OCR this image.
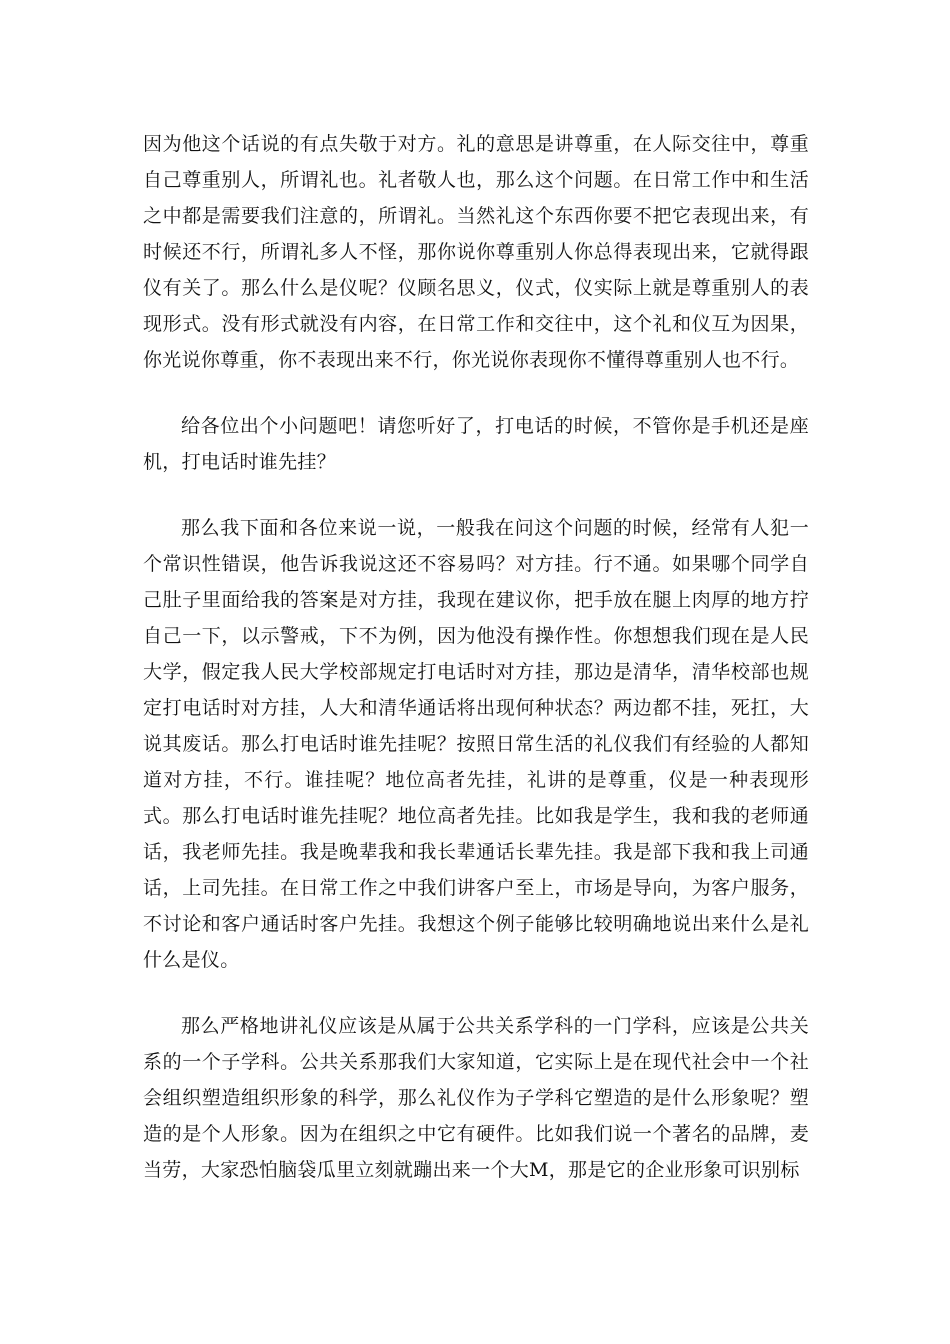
因为他这个话说的有点失敬于对方。礼的意思是讲尊重，在人际交往中，尊重自己尊重别人，所谓礼也。礼者敬人也，那么这个问题。在日常工作中和生活之中都是需要我们注意的，所谓礼。当然礼这个东西你要不把它表现出来，有时候还不行，所谓礼多人不怪，那你说你尊重别人你总得表现出来，它就得跟仪有关了。那么什么是仪呢？仪顾名思义，仪式，仪实际上就是尊重别人的表现形式。没有形式就没有内容，在日常工作和交往中，这个礼和仪互为因果，你光说你尊重，你不表现出来不行，你光说你表现你不懂得尊重别人也不行。

给各位出个小问题吧！请您听好了，打电话的时候，不管你是手机还是座机，打电话时谁先挂？

那么我下面和各位来说一说，一般我在问这个问题的时候，经常有人犯一个常识性错误，他告诉我说这还不容易吗？对方挂。行不通。如果哪个同学自己肚子里面给我的答案是对方挂，我现在建议你，把手放在腿上肉厚的地方拧自己一下，以示警戒，下不为例，因为他没有操作性。你想想我们现在是人民大学，假定我人民大学校部规定打电话时对方挂，那边是清华，清华校部也规定打电话时对方挂，人大和清华通话将出现何种状态？两边都不挂，死扛，大说其废话。那么打电话时谁先挂呢？按照日常生活的礼仪我们有经验的人都知道对方挂，不行。谁挂呢？地位高者先挂，礼讲的是尊重，仪是一种表现形式。那么打电话时谁先挂呢？地位高者先挂。比如我是学生，我和我的老师通话，我老师先挂。我是晚辈我和我长辈通话长辈先挂。我是部下我和我上司通话，上司先挂。在日常工作之中我们讲客户至上，市场是导向，为客户服务，不讨论和客户通话时客户先挂。我想这个例子能够比较明确地说出来什么是礼什么是仪。

那么严格地讲礼仪应该是从属于公共关系学科的一门学科，应该是公共关系的一个子学科。公共关系那我们大家知道，它实际上是在现代社会中一个社会组织塑造组织形象的科学，那么礼仪作为子学科它塑造的是什么形象呢？塑造的是个人形象。因为在组织之中它有硬件。比如我们说一个著名的品牌，麦当劳，大家恐怕脑袋瓜里立刻就蹦出来一个大M，那是它的企业形象可识别标
